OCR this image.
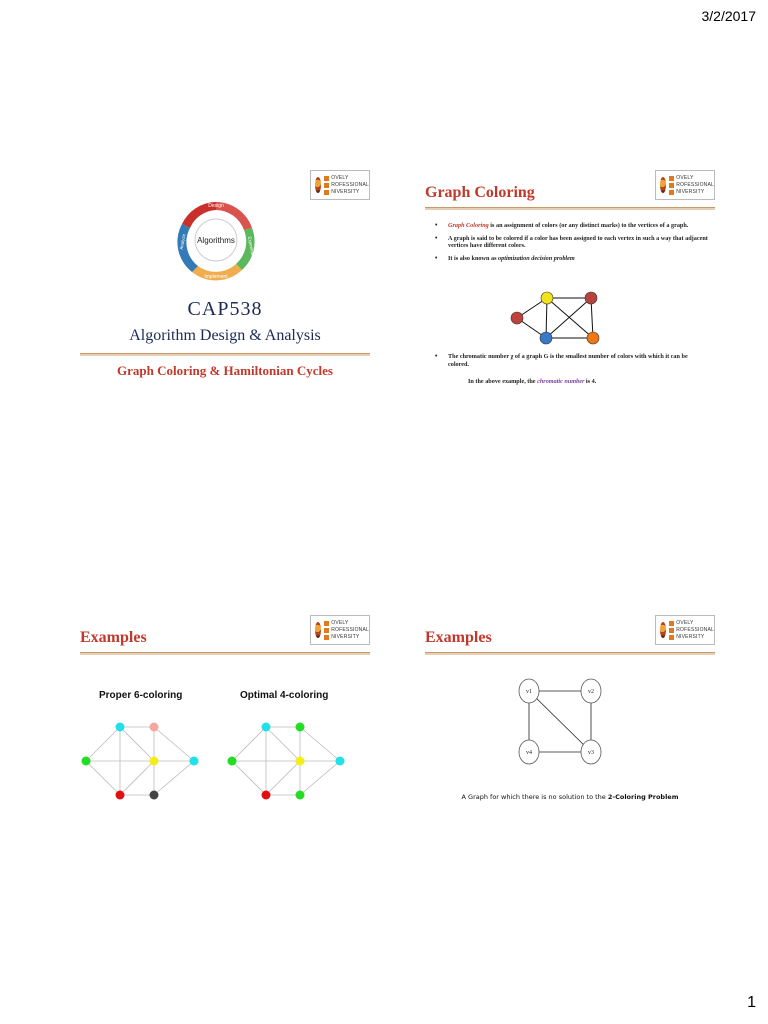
3/2/2017
OVELY
ROFESSIONAL
NIVERSITY
Algorithms
Design
Implement
Experiment
Analyze
CAP538
Algorithm Design & Analysis
Graph Coloring & Hamiltonian Cycles
OVELY
ROFESSIONAL
NIVERSITY
Graph Coloring
• Graph Coloring is an assignment of colors (or any distinct marks) to the vertices of a graph.
• A graph is said to be colored if a color has been assigned to each vertex in such a way that adjacent vertices have different colors.
• It is also known as optimization decision problem
• The chromatic number χ of a graph G is the smallest number of colors with which it can be colored.
In the above example, the chromatic number is 4.
OVELY
ROFESSIONAL
NIVERSITY
Examples
Proper 6-coloring	Optimal 4-coloring
OVELY
ROFESSIONAL
NIVERSITY
Examples
v1	v2
v3
v4
A Graph for which there is no solution to the 2-Coloring Problem
1
